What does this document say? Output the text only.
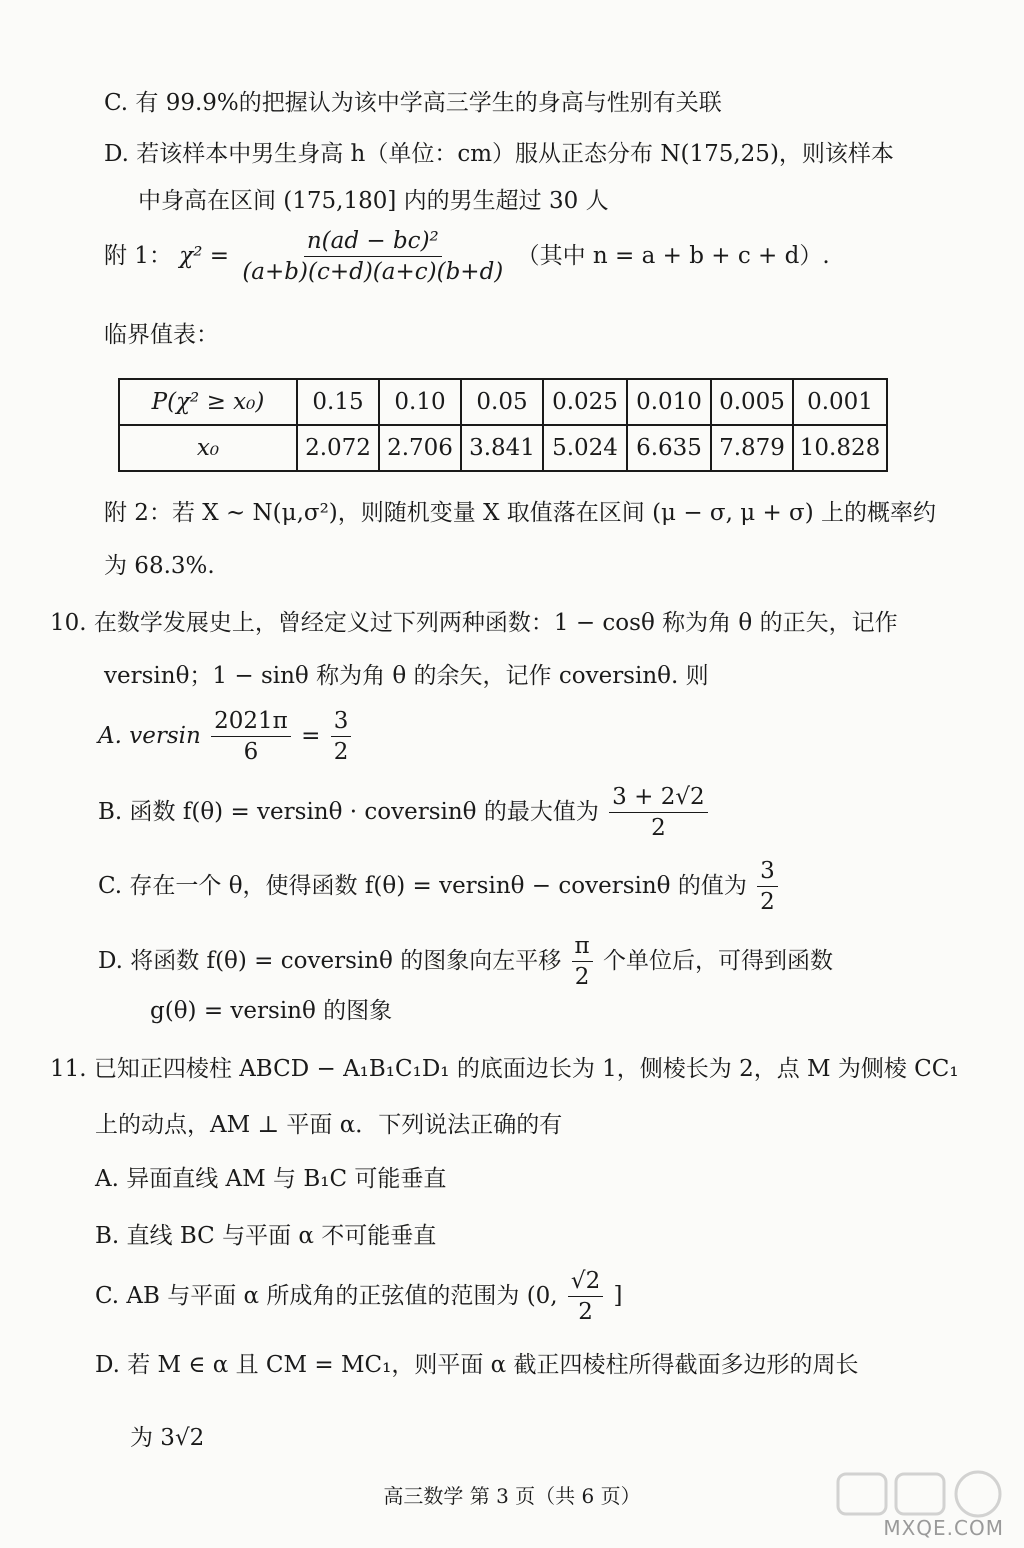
C. 有 99.9%的把握认为该中学高三学生的身高与性别有关联
D. 若该样本中男生身高 h（单位：cm）服从正态分布 N(175,25)，则该样本
中身高在区间 (175,180] 内的男生超过 30 人
附 1： $\chi^2 = \frac{\text{n(ad − bc)²}}{(a+b)(c+d)(a+c)(b+d)}$ （其中 n = a + b + c + d）.
临界值表：
P(χ² ≥ x₀)	0.15	0.10	0.05	0.025	0.010	0.005	0.001
x₀	2.072	2.706	3.841	5.024	6.635	7.879	10.828
附 2：若 X ~ N(μ,σ²)，则随机变量 X 取值落在区间 (μ − σ, μ + σ) 上的概率约
为 68.3%.
10. 在数学发展史上，曾经定义过下列两种函数：1 − cosθ 称为角 θ 的正矢，记作
versinθ；1 − sinθ 称为角 θ 的余矢，记作 coversinθ. 则
A. versin $\frac{2021\pi}{6} = \frac{3}{2}$
B. 函数 f(θ) = versinθ · coversinθ 的最大值为 $\frac{3 + 2√2}{2}$
C. 存在一个 θ，使得函数 f(θ) = versinθ − coversinθ 的值为 $\frac{3}{2}$
D. 将函数 f(θ) = coversinθ 的图象向左平移 $\frac{\pi}{2}$ 个单位后，可得到函数
g(θ) = versinθ 的图象
11. 已知正四棱柱 ABCD − A₁B₁C₁D₁ 的底面边长为 1，侧棱长为 2，点 M 为侧棱 CC₁
上的动点，AM ⊥ 平面 α．下列说法正确的有
A. 异面直线 AM 与 B₁C 可能垂直
B. 直线 BC 与平面 α 不可能垂直
C. AB 与平面 α 所成角的正弦值的范围为 (0, $\frac{√2}{2}$ ]
D. 若 M ∈ α 且 CM = MC₁，则平面 α 截正四棱柱所得截面多边形的周长
为 3√2
高三数学 第 3 页（共 6 页）
MXQE.COM
